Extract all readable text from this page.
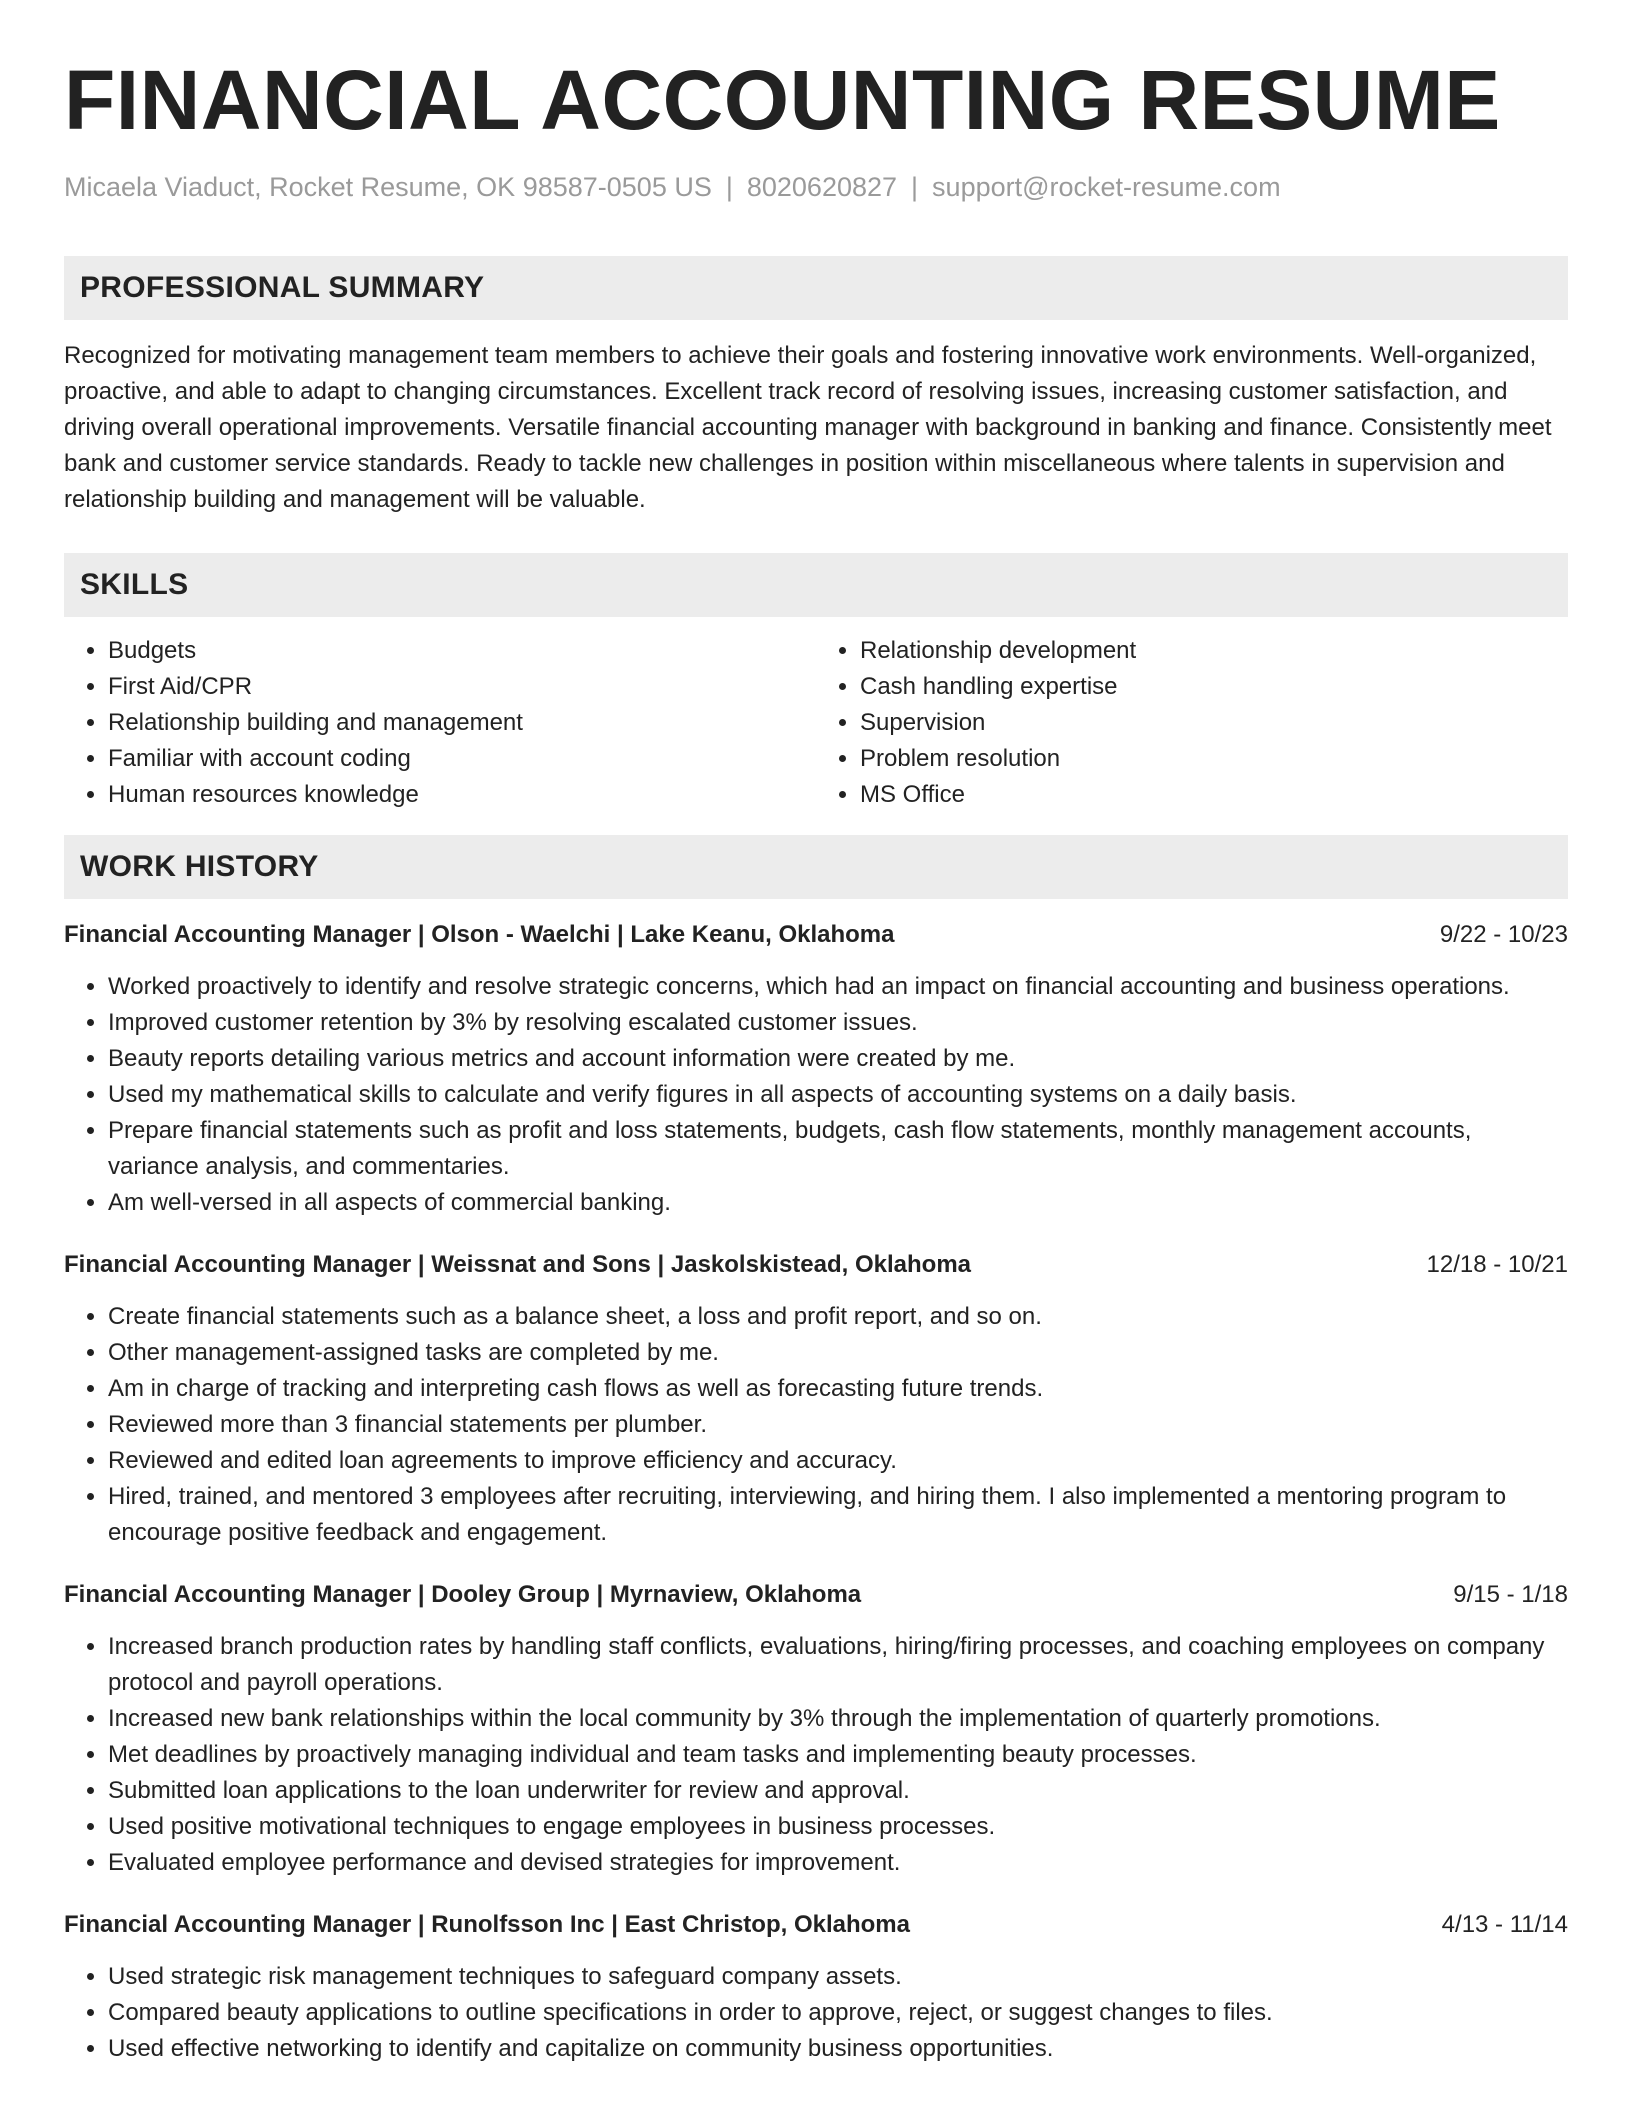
FINANCIAL ACCOUNTING RESUME
Micaela Viaduct, Rocket Resume, OK 98587-0505 US | 8020620827 | support@rocket-resume.com
PROFESSIONAL SUMMARY

Recognized for motivating management team members to achieve their goals and fostering innovative work environments. Well-organized, proactive, and able to adapt to changing circumstances. Excellent track record of resolving issues, increasing customer satisfaction, and driving overall operational improvements. Versatile financial accounting manager with background in banking and finance. Consistently meet bank and customer service standards. Ready to tackle new challenges in position within miscellaneous where talents in supervision and relationship building and management will be valuable.

SKILLS
• Budgets
• First Aid/CPR
• Relationship building and management
• Familiar with account coding
• Human resources knowledge
• Relationship development
• Cash handling expertise
• Supervision
• Problem resolution
• MS Office
WORK HISTORY
Financial Accounting Manager | Olson - Waelchi | Lake Keanu, Oklahoma	9/22 - 10/23
• Worked proactively to identify and resolve strategic concerns, which had an impact on financial accounting and business operations.
• Improved customer retention by 3% by resolving escalated customer issues.
• Beauty reports detailing various metrics and account information were created by me.
• Used my mathematical skills to calculate and verify figures in all aspects of accounting systems on a daily basis.
• Prepare financial statements such as profit and loss statements, budgets, cash flow statements, monthly management accounts, variance analysis, and commentaries.
• Am well-versed in all aspects of commercial banking.
Financial Accounting Manager | Weissnat and Sons | Jaskolskistead, Oklahoma	12/18 - 10/21
• Create financial statements such as a balance sheet, a loss and profit report, and so on.
• Other management-assigned tasks are completed by me.
• Am in charge of tracking and interpreting cash flows as well as forecasting future trends.
• Reviewed more than 3 financial statements per plumber.
• Reviewed and edited loan agreements to improve efficiency and accuracy.
• Hired, trained, and mentored 3 employees after recruiting, interviewing, and hiring them. I also implemented a mentoring program to encourage positive feedback and engagement.
Financial Accounting Manager | Dooley Group | Myrnaview, Oklahoma	9/15 - 1/18
• Increased branch production rates by handling staff conflicts, evaluations, hiring/firing processes, and coaching employees on company protocol and payroll operations.
• Increased new bank relationships within the local community by 3% through the implementation of quarterly promotions.
• Met deadlines by proactively managing individual and team tasks and implementing beauty processes.
• Submitted loan applications to the loan underwriter for review and approval.
• Used positive motivational techniques to engage employees in business processes.
• Evaluated employee performance and devised strategies for improvement.
Financial Accounting Manager | Runolfsson Inc | East Christop, Oklahoma	4/13 - 11/14
• Used strategic risk management techniques to safeguard company assets.
• Compared beauty applications to outline specifications in order to approve, reject, or suggest changes to files.
• Used effective networking to identify and capitalize on community business opportunities.
